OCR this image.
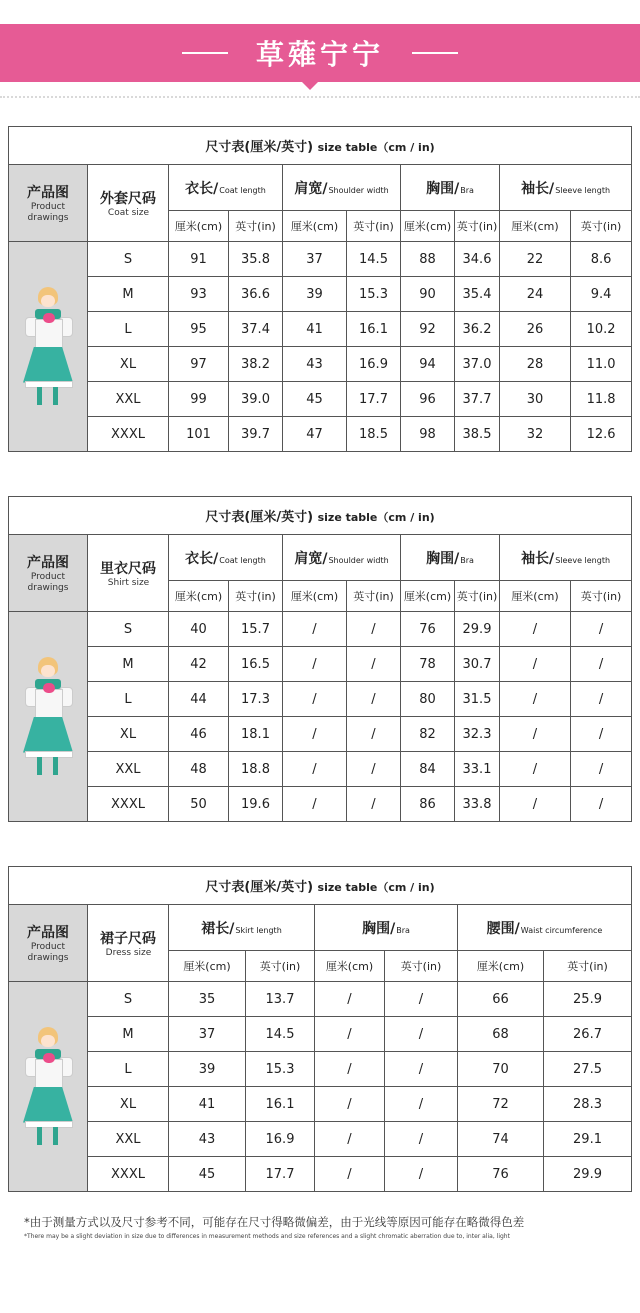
草薙宁宁
尺寸表(厘米/英寸) size table（cm / in)									

产品图
Product
drawings	外套尺码
Coat size	衣长/Coat length		肩宽/Shoulder width		胸围/Bra		袖长/Sleeve length	
		厘米(cm)	英寸(in)	厘米(cm)	英寸(in)	厘米(cm)	英寸(in)	厘米(cm)	英寸(in)

	S	91	35.8	37	14.5	88	34.6	22	8.6
	M	93	36.6	39	15.3	90	35.4	24	9.4
	L	95	37.4	41	16.1	92	36.2	26	10.2
	XL	97	38.2	43	16.9	94	37.0	28	11.0
	XXL	99	39.0	45	17.7	96	37.7	30	11.8
	XXXL	101	39.7	47	18.5	98	38.5	32	12.6
尺寸表(厘米/英寸) size table（cm / in)									

产品图
Product
drawings	里衣尺码
Shirt size	衣长/Coat length		肩宽/Shoulder width		胸围/Bra		袖长/Sleeve length	
		厘米(cm)	英寸(in)	厘米(cm)	英寸(in)	厘米(cm)	英寸(in)	厘米(cm)	英寸(in)

	S	40	15.7	/	/	76	29.9	/	/
	M	42	16.5	/	/	78	30.7	/	/
	L	44	17.3	/	/	80	31.5	/	/
	XL	46	18.1	/	/	82	32.3	/	/
	XXL	48	18.8	/	/	84	33.1	/	/
	XXXL	50	19.6	/	/	86	33.8	/	/
尺寸表(厘米/英寸) size table（cm / in)							

产品图
Product
drawings	裙子尺码
Dress size	裙长/Skirt length		胸围/Bra		腰围/Waist circumference	
		厘米(cm)	英寸(in)	厘米(cm)	英寸(in)	厘米(cm)	英寸(in)

	S	35	13.7	/	/	66	25.9
	M	37	14.5	/	/	68	26.7
	L	39	15.3	/	/	70	27.5
	XL	41	16.1	/	/	72	28.3
	XXL	43	16.9	/	/	74	29.1
	XXXL	45	17.7	/	/	76	29.9
*由于测量方式以及尺寸参考不同，可能存在尺寸得略微偏差，由于光线等原因可能存在略微得色差
*There may be a slight deviation in size due to differences in measurement methods and size references and a slight chromatic aberration due to, inter alia, light
